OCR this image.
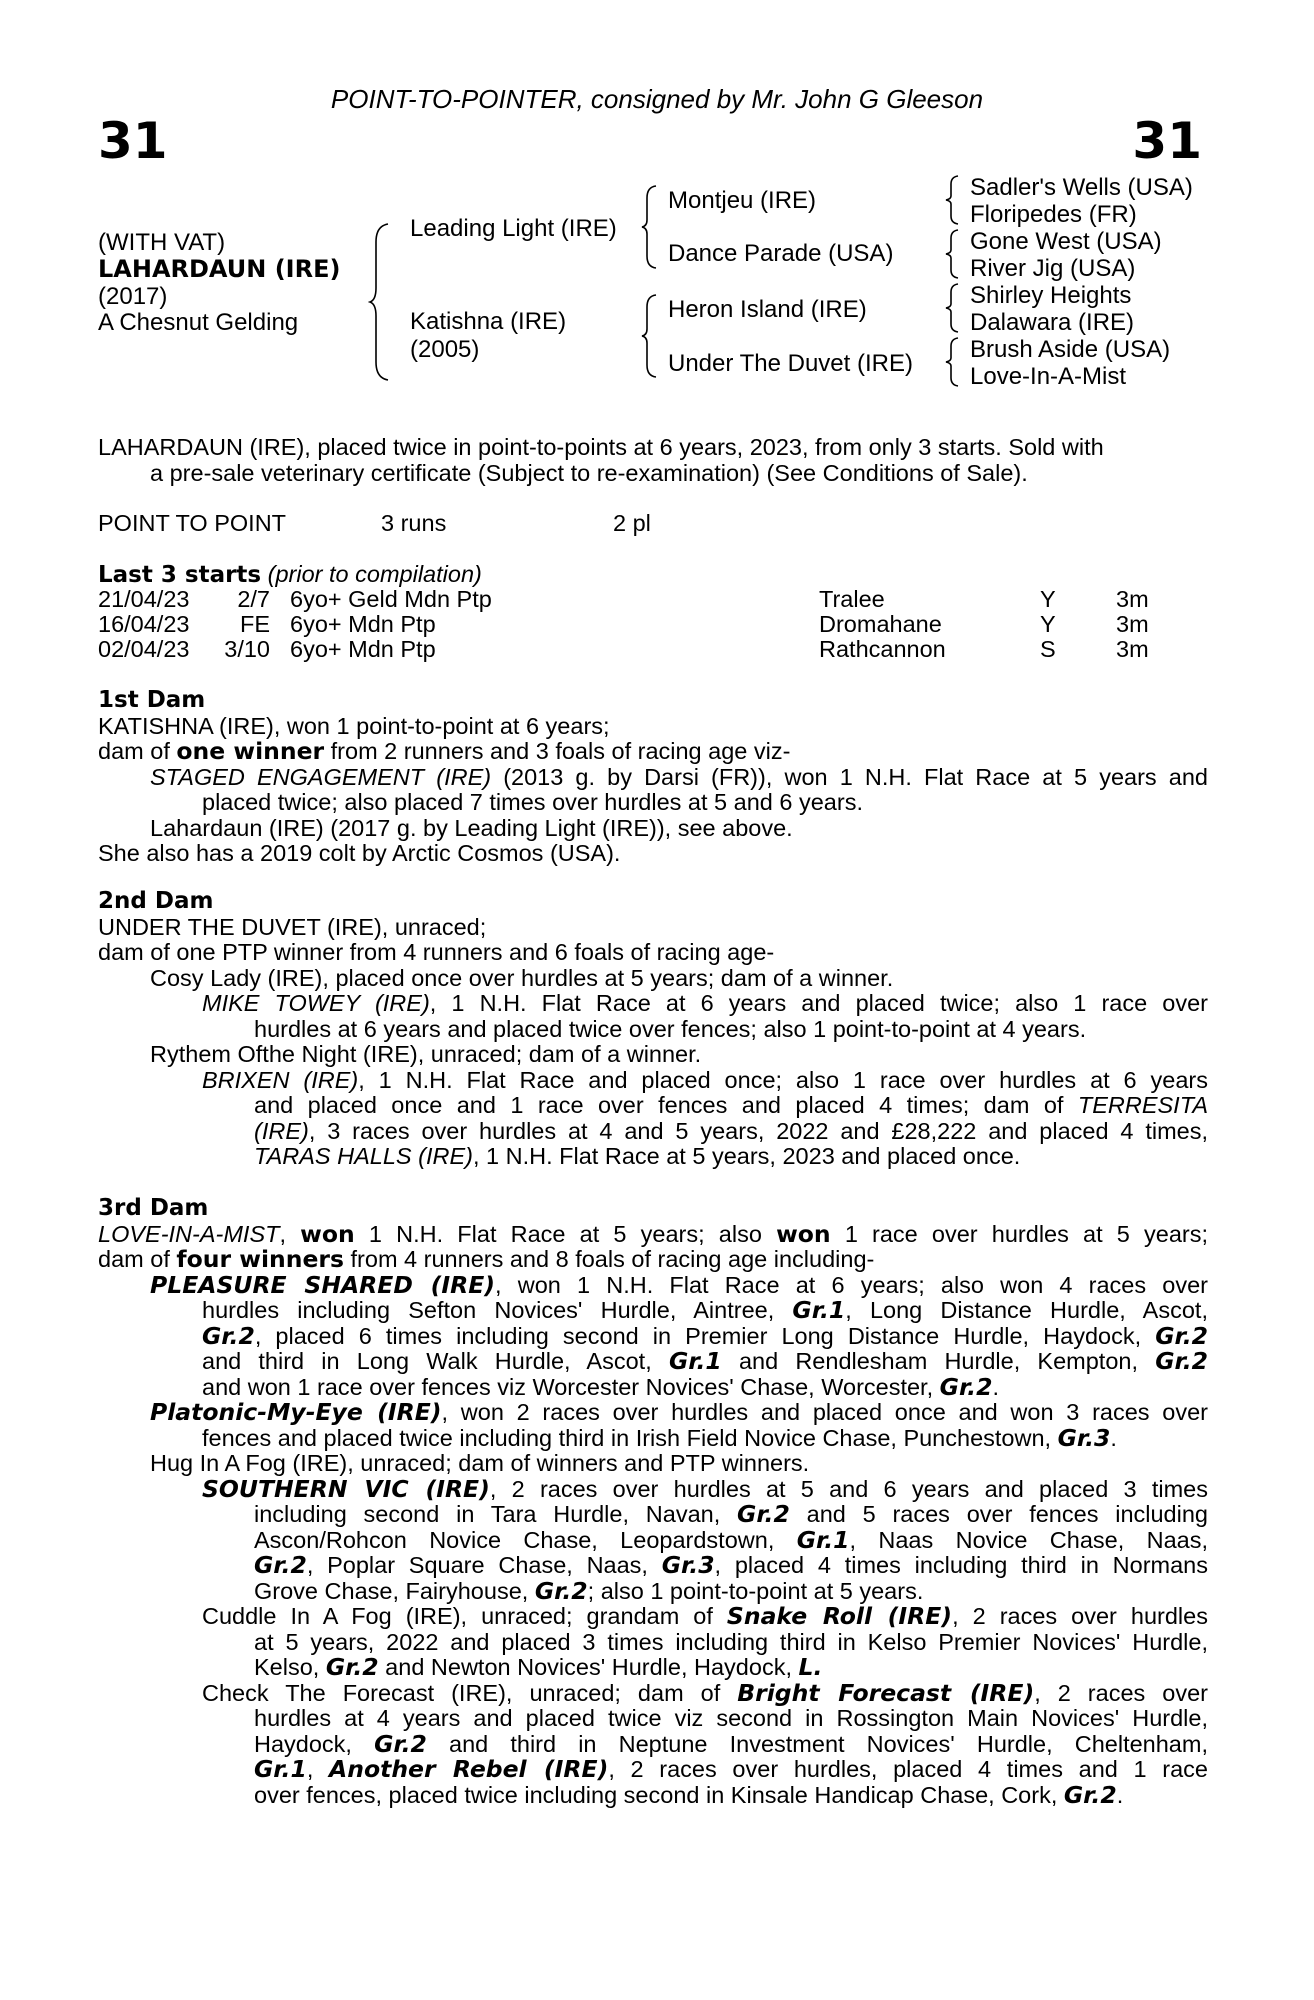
POINT-TO-POINTER, consigned by Mr. John G Gleeson
31	31
(WITH VAT)
LAHARDAUN (IRE)
(2017)
A Chesnut Gelding
Leading Light (IRE)
Katishna (IRE)
(2005)
Montjeu (IRE)
Dance Parade (USA)
Heron Island (IRE)
Under The Duvet (IRE)
Sadler's Wells (USA)
Floripedes (FR)
Gone West (USA)
River Jig (USA)
Shirley Heights
Dalawara (IRE)
Brush Aside (USA)
Love-In-A-Mist
LAHARDAUN (IRE), placed twice in point-to-points at 6 years, 2023, from only 3 starts. Sold with
a pre-sale veterinary certificate (Subject to re-examination) (See Conditions of Sale).
POINT TO POINT	3 runs	2 pl
Last 3 starts (prior to compilation)
21/04/23	2/7 6yo+ Geld Mdn Ptp	Tralee	Y	3m
16/04/23	FE 6yo+ Mdn Ptp	Dromahane	Y	3m
02/04/23	3/10 6yo+ Mdn Ptp	Rathcannon	S	3m
1st Dam
KATISHNA (IRE), won 1 point-to-point at 6 years;
dam of one winner from 2 runners and 3 foals of racing age viz-
STAGED ENGAGEMENT (IRE) (2013 g. by Darsi (FR)), won 1 N.H. Flat Race at 5 years and
placed twice; also placed 7 times over hurdles at 5 and 6 years.
Lahardaun (IRE) (2017 g. by Leading Light (IRE)), see above.
She also has a 2019 colt by Arctic Cosmos (USA).
2nd Dam
UNDER THE DUVET (IRE), unraced;
dam of one PTP winner from 4 runners and 6 foals of racing age-
Cosy Lady (IRE), placed once over hurdles at 5 years; dam of a winner.
MIKE TOWEY (IRE), 1 N.H. Flat Race at 6 years and placed twice; also 1 race over
hurdles at 6 years and placed twice over fences; also 1 point-to-point at 4 years.
Rythem Ofthe Night (IRE), unraced; dam of a winner.
BRIXEN (IRE), 1 N.H. Flat Race and placed once; also 1 race over hurdles at 6 years
and placed once and 1 race over fences and placed 4 times; dam of TERRESITA
(IRE), 3 races over hurdles at 4 and 5 years, 2022 and £28,222 and placed 4 times,
TARAS HALLS (IRE), 1 N.H. Flat Race at 5 years, 2023 and placed once.
3rd Dam
LOVE-IN-A-MIST, won 1 N.H. Flat Race at 5 years; also won 1 race over hurdles at 5 years;
dam of four winners from 4 runners and 8 foals of racing age including-
PLEASURE SHARED (IRE), won 1 N.H. Flat Race at 6 years; also won 4 races over
hurdles including Sefton Novices' Hurdle, Aintree, Gr.1, Long Distance Hurdle, Ascot,
Gr.2, placed 6 times including second in Premier Long Distance Hurdle, Haydock, Gr.2
and third in Long Walk Hurdle, Ascot, Gr.1 and Rendlesham Hurdle, Kempton, Gr.2
and won 1 race over fences viz Worcester Novices' Chase, Worcester, Gr.2.
Platonic-My-Eye (IRE), won 2 races over hurdles and placed once and won 3 races over
fences and placed twice including third in Irish Field Novice Chase, Punchestown, Gr.3.
Hug In A Fog (IRE), unraced; dam of winners and PTP winners.
SOUTHERN VIC (IRE), 2 races over hurdles at 5 and 6 years and placed 3 times
including second in Tara Hurdle, Navan, Gr.2 and 5 races over fences including
Ascon/Rohcon Novice Chase, Leopardstown, Gr.1, Naas Novice Chase, Naas,
Gr.2, Poplar Square Chase, Naas, Gr.3, placed 4 times including third in Normans
Grove Chase, Fairyhouse, Gr.2; also 1 point-to-point at 5 years.
Cuddle In A Fog (IRE), unraced; grandam of Snake Roll (IRE), 2 races over hurdles
at 5 years, 2022 and placed 3 times including third in Kelso Premier Novices' Hurdle,
Kelso, Gr.2 and Newton Novices' Hurdle, Haydock, L.
Check The Forecast (IRE), unraced; dam of Bright Forecast (IRE), 2 races over
hurdles at 4 years and placed twice viz second in Rossington Main Novices' Hurdle,
Haydock, Gr.2 and third in Neptune Investment Novices' Hurdle, Cheltenham,
Gr.1, Another Rebel (IRE), 2 races over hurdles, placed 4 times and 1 race
over fences, placed twice including second in Kinsale Handicap Chase, Cork, Gr.2.
